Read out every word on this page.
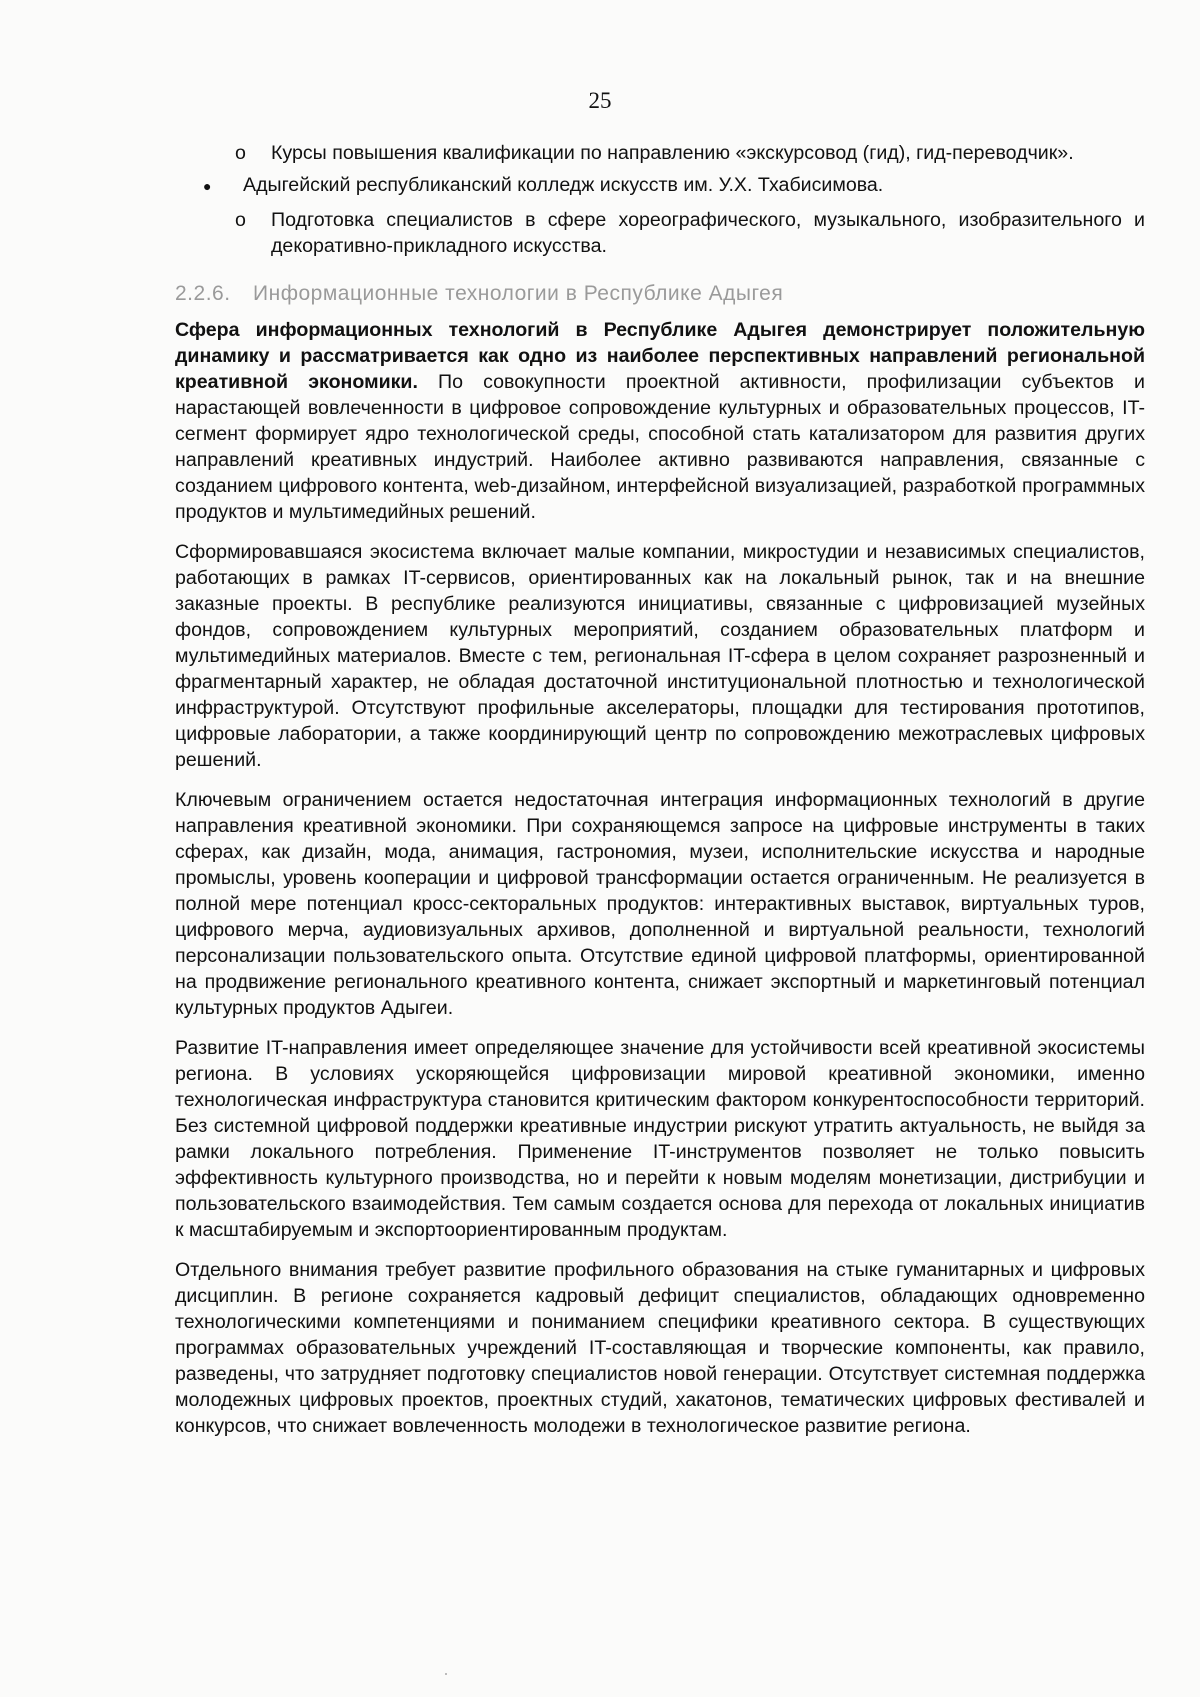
25
o	Курсы повышения квалификации по направлению «экскурсовод (гид), гид-переводчик».
●	Адыгейский республиканский колледж искусств им. У.Х. Тхабисимова.
o	Подготовка специалистов в сфере хореографического, музыкального, изобразительного и декоративно-прикладного искусства.
2.2.6. Информационные технологии в Республике Адыгея

Сфера информационных технологий в Республике Адыгея демонстрирует положительную динамику и рассматривается как одно из наиболее перспективных направлений региональной креативной экономики. По совокупности проектной активности, профилизации субъектов и нарастающей вовлеченности в цифровое сопровождение культурных и образовательных процессов, IT-сегмент формирует ядро технологической среды, способной стать катализатором для развития других направлений креативных индустрий. Наиболее активно развиваются направления, связанные с созданием цифрового контента, web-дизайном, интерфейсной визуализацией, разработкой программных продуктов и мультимедийных решений.

Сформировавшаяся экосистема включает малые компании, микростудии и независимых специалистов, работающих в рамках IT-сервисов, ориентированных как на локальный рынок, так и на внешние заказные проекты. В республике реализуются инициативы, связанные с цифровизацией музейных фондов, сопровождением культурных мероприятий, созданием образовательных платформ и мультимедийных материалов. Вместе с тем, региональная IT-сфера в целом сохраняет разрозненный и фрагментарный характер, не обладая достаточной институциональной плотностью и технологической инфраструктурой. Отсутствуют профильные акселераторы, площадки для тестирования прототипов, цифровые лаборатории, а также координирующий центр по сопровождению межотраслевых цифровых решений.

Ключевым ограничением остается недостаточная интеграция информационных технологий в другие направления креативной экономики. При сохраняющемся запросе на цифровые инструменты в таких сферах, как дизайн, мода, анимация, гастрономия, музеи, исполнительские искусства и народные промыслы, уровень кооперации и цифровой трансформации остается ограниченным. Не реализуется в полной мере потенциал кросс-секторальных продуктов: интерактивных выставок, виртуальных туров, цифрового мерча, аудиовизуальных архивов, дополненной и виртуальной реальности, технологий персонализации пользовательского опыта. Отсутствие единой цифровой платформы, ориентированной на продвижение регионального креативного контента, снижает экспортный и маркетинговый потенциал культурных продуктов Адыгеи.

Развитие IT-направления имеет определяющее значение для устойчивости всей креативной экосистемы региона. В условиях ускоряющейся цифровизации мировой креативной экономики, именно технологическая инфраструктура становится критическим фактором конкурентоспособности территорий. Без системной цифровой поддержки креативные индустрии рискуют утратить актуальность, не выйдя за рамки локального потребления. Применение IT-инструментов позволяет не только повысить эффективность культурного производства, но и перейти к новым моделям монетизации, дистрибуции и пользовательского взаимодействия. Тем самым создается основа для перехода от локальных инициатив к масштабируемым и экспортоориентированным продуктам.

Отдельного внимания требует развитие профильного образования на стыке гуманитарных и цифровых дисциплин. В регионе сохраняется кадровый дефицит специалистов, обладающих одновременно технологическими компетенциями и пониманием специфики креативного сектора. В существующих программах образовательных учреждений IT-составляющая и творческие компоненты, как правило, разведены, что затрудняет подготовку специалистов новой генерации. Отсутствует системная поддержка молодежных цифровых проектов, проектных студий, хакатонов, тематических цифровых фестивалей и конкурсов, что снижает вовлеченность молодежи в технологическое развитие региона.
